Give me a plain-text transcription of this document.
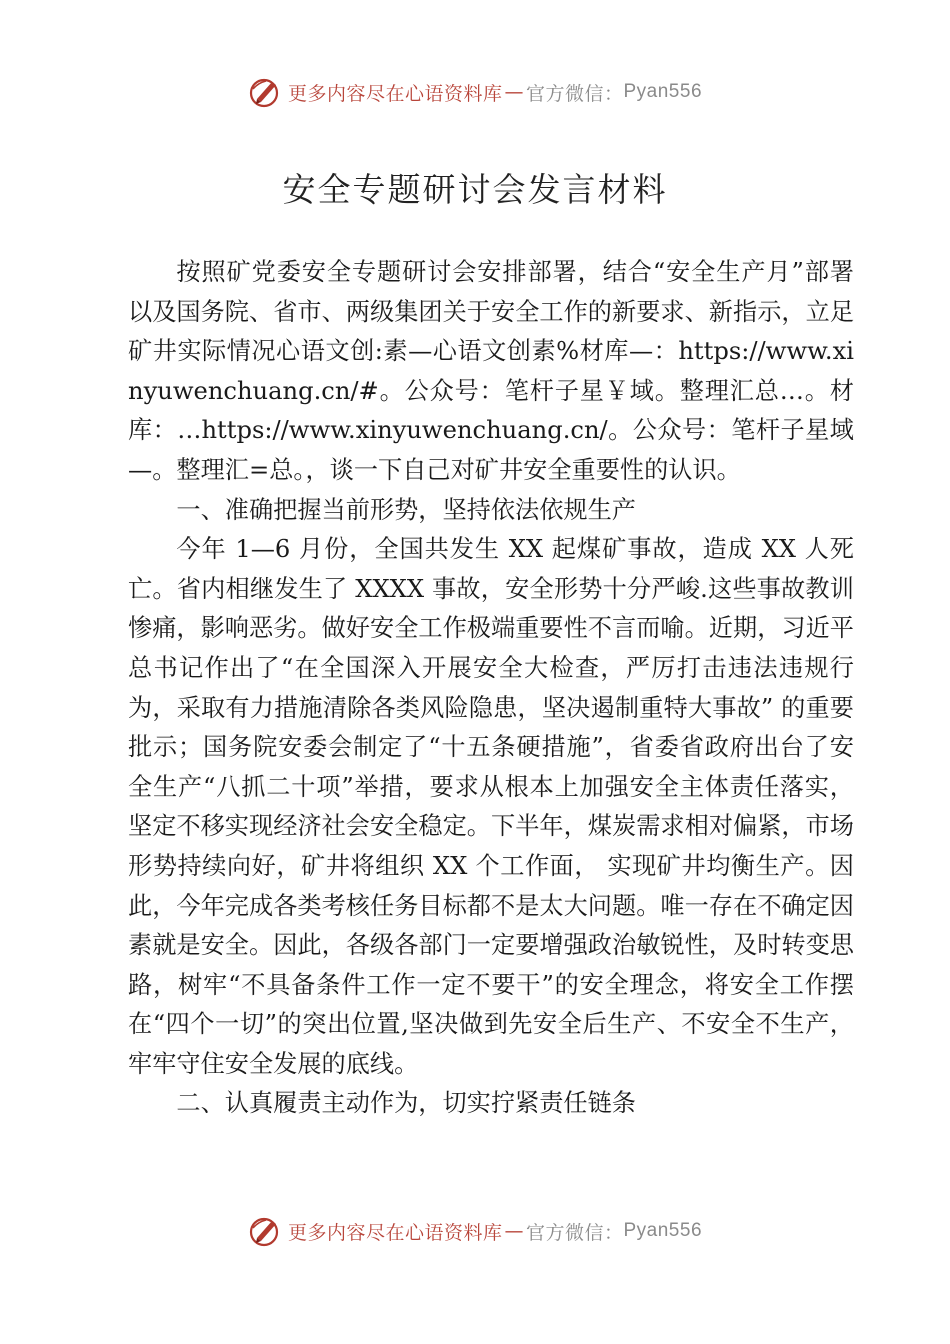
更多内容尽在心语资料库 — 官方微信： Pyan556
安全专题研讨会发言材料

按照矿党委安全专题研讨会安排部署，结合“安全生产月”部署以及国务院、省市、两级集团关于安全工作的新要求、新指示，立足矿井实际情况心语文创:素—心语文创素%材库—：https://www.xinyuwenchuang.cn/#。公众号：笔杆子星￥域。整理汇总…。材库：…https://www.xinyuwenchuang.cn/。公众号：笔杆子星域—。整理汇=总。，谈一下自己对矿井安全重要性的认识。

一、准确把握当前形势，坚持依法依规生产

今年 1—6 月份，全国共发生 XX 起煤矿事故，造成 XX 人死亡。省内相继发生了 XXXX 事故，安全形势十分严峻.这些事故教训惨痛，影响恶劣。做好安全工作极端重要性不言而喻。近期，习近平总书记作出了“在全国深入开展安全大检查，严厉打击违法违规行为，采取有力措施清除各类风险隐患，坚决遏制重特大事故” 的重要批示；国务院安委会制定了“十五条硬措施”，省委省政府出台了安全生产“八抓二十项”举措，要求从根本上加强安全主体责任落实，坚定不移实现经济社会安全稳定。下半年，煤炭需求相对偏紧，市场形势持续向好，矿井将组织 XX 个工作面， 实现矿井均衡生产。因此，今年完成各类考核任务目标都不是太大问题。唯一存在不确定因素就是安全。因此，各级各部门一定要增强政治敏锐性，及时转变思路，树牢“不具备条件工作一定不要干”的安全理念，将安全工作摆在“四个一切”的突出位置,坚决做到先安全后生产、不安全不生产，牢牢守住安全发展的底线。

二、认真履责主动作为，切实拧紧责任链条

更多内容尽在心语资料库 — 官方微信： Pyan556
